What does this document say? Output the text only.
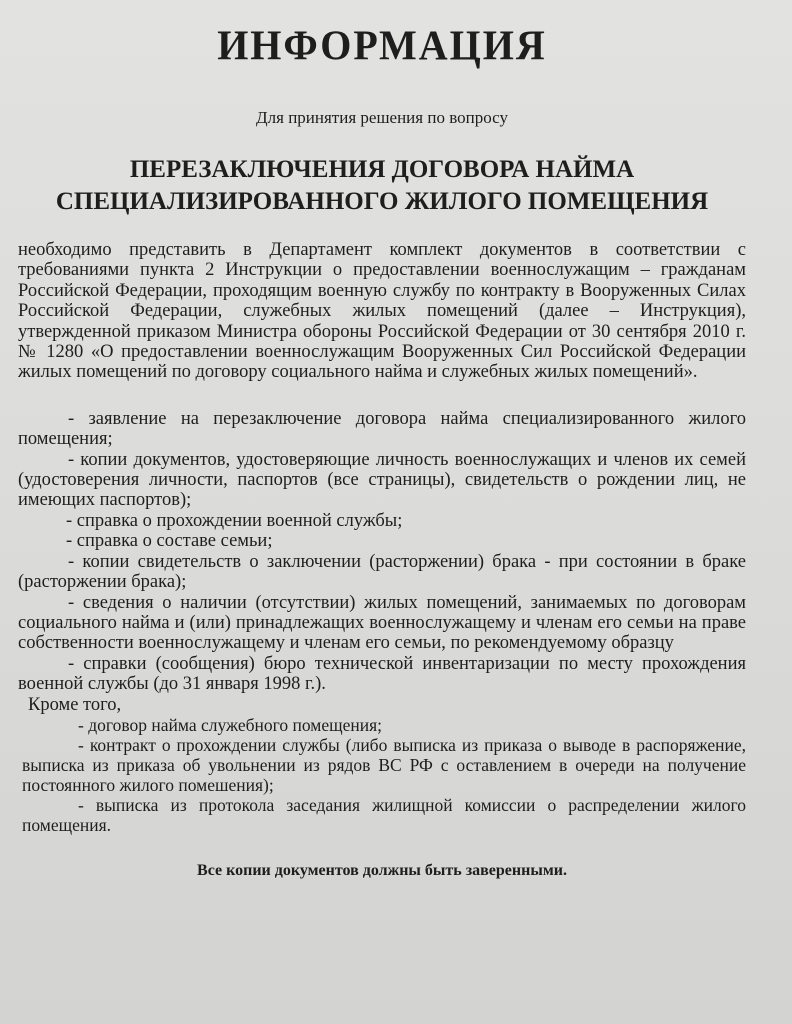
ИНФОРМАЦИЯ
Для принятия решения по вопросу
ПЕРЕЗАКЛЮЧЕНИЯ ДОГОВОРА НАЙМА
СПЕЦИАЛИЗИРОВАННОГО ЖИЛОГО ПОМЕЩЕНИЯ

необходимо представить в Департамент комплект документов в соответствии с требованиями пункта 2 Инструкции о предоставлении военнослужащим – гражданам Российской Федерации, проходящим военную службу по контракту в Вооруженных Силах Российской Федерации, служебных жилых помещений (далее – Инструкция), утвержденной приказом Министра обороны Российской Федерации от 30 сентября 2010 г. № 1280 «О предоставлении военнослужащим Вооруженных Сил Российской Федерации жилых помещений по договору социального найма и служебных жилых помещений».

- заявление на перезаключение договора найма специализированного жилого помещения;
- копии документов, удостоверяющие личность военнослужащих и членов их семей (удостоверения личности, паспортов (все страницы), свидетельств о рождении лиц, не имеющих паспортов);
- справка о прохождении военной службы;
- справка о составе семьи;
- копии свидетельств о заключении (расторжении) брака - при состоянии в браке (расторжении брака);
- сведения о наличии (отсутствии) жилых помещений, занимаемых по договорам социального найма и (или) принадлежащих военнослужащему и членам его семьи на праве собственности военнослужащему и членам его семьи, по рекомендуемому образцу
- справки (сообщения) бюро технической инвентаризации по месту прохождения военной службы (до 31 января 1998 г.).
Кроме того,
- договор найма служебного помещения;
- контракт о прохождении службы (либо выписка из приказа о выводе в распоряжение, выписка из приказа об увольнении из рядов ВС РФ с оставлением в очереди на получение постоянного жилого помешения);
- выписка из протокола заседания жилищной комиссии о распределении жилого помещения.
Все копии документов должны быть заверенными.
